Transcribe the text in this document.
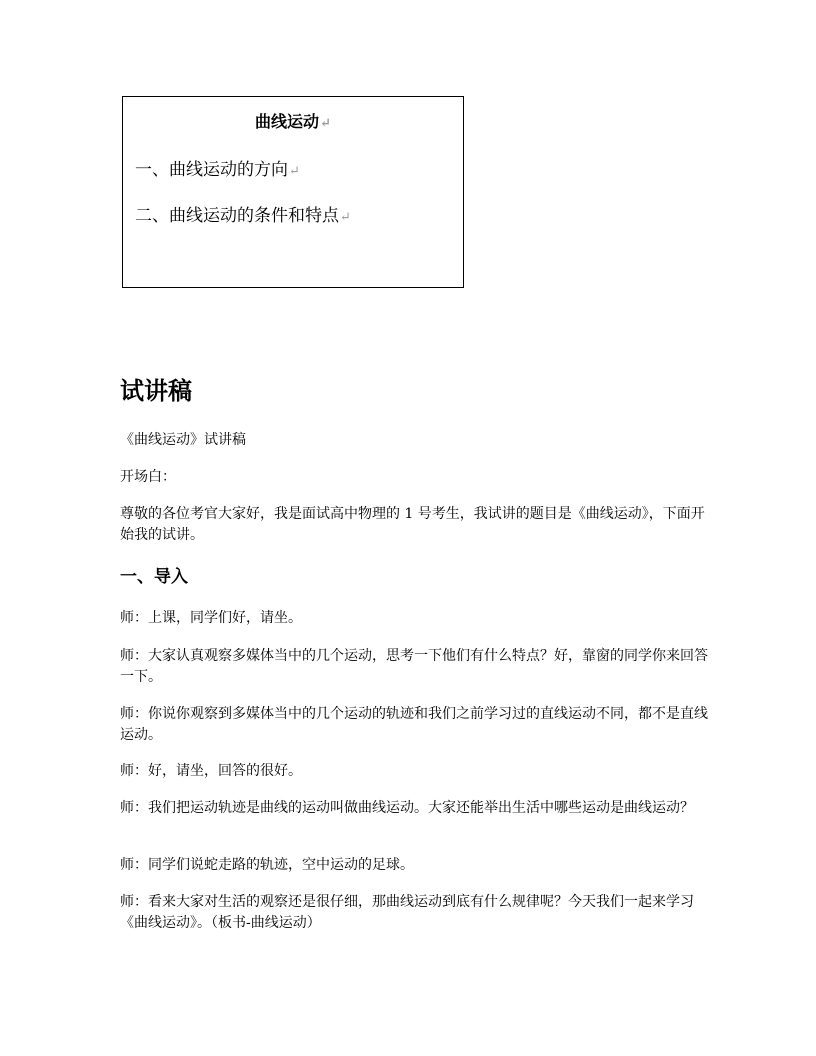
曲线运动↵
一、曲线运动的方向↵
二、曲线运动的条件和特点↵
试讲稿
《曲线运动》试讲稿
开场白：
尊敬的各位考官大家好，我是面试高中物理的 1 号考生，我试讲的题目是《曲线运动》，下面开始我的试讲。
一、导入
师：上课，同学们好，请坐。
师：大家认真观察多媒体当中的几个运动，思考一下他们有什么特点？好，靠窗的同学你来回答一下。
师：你说你观察到多媒体当中的几个运动的轨迹和我们之前学习过的直线运动不同，都不是直线运动。
师：好，请坐，回答的很好。
师：我们把运动轨迹是曲线的运动叫做曲线运动。大家还能举出生活中哪些运动是曲线运动？
师：同学们说蛇走路的轨迹，空中运动的足球。
师：看来大家对生活的观察还是很仔细，那曲线运动到底有什么规律呢？今天我们一起来学习《曲线运动》。（板书-曲线运动）
